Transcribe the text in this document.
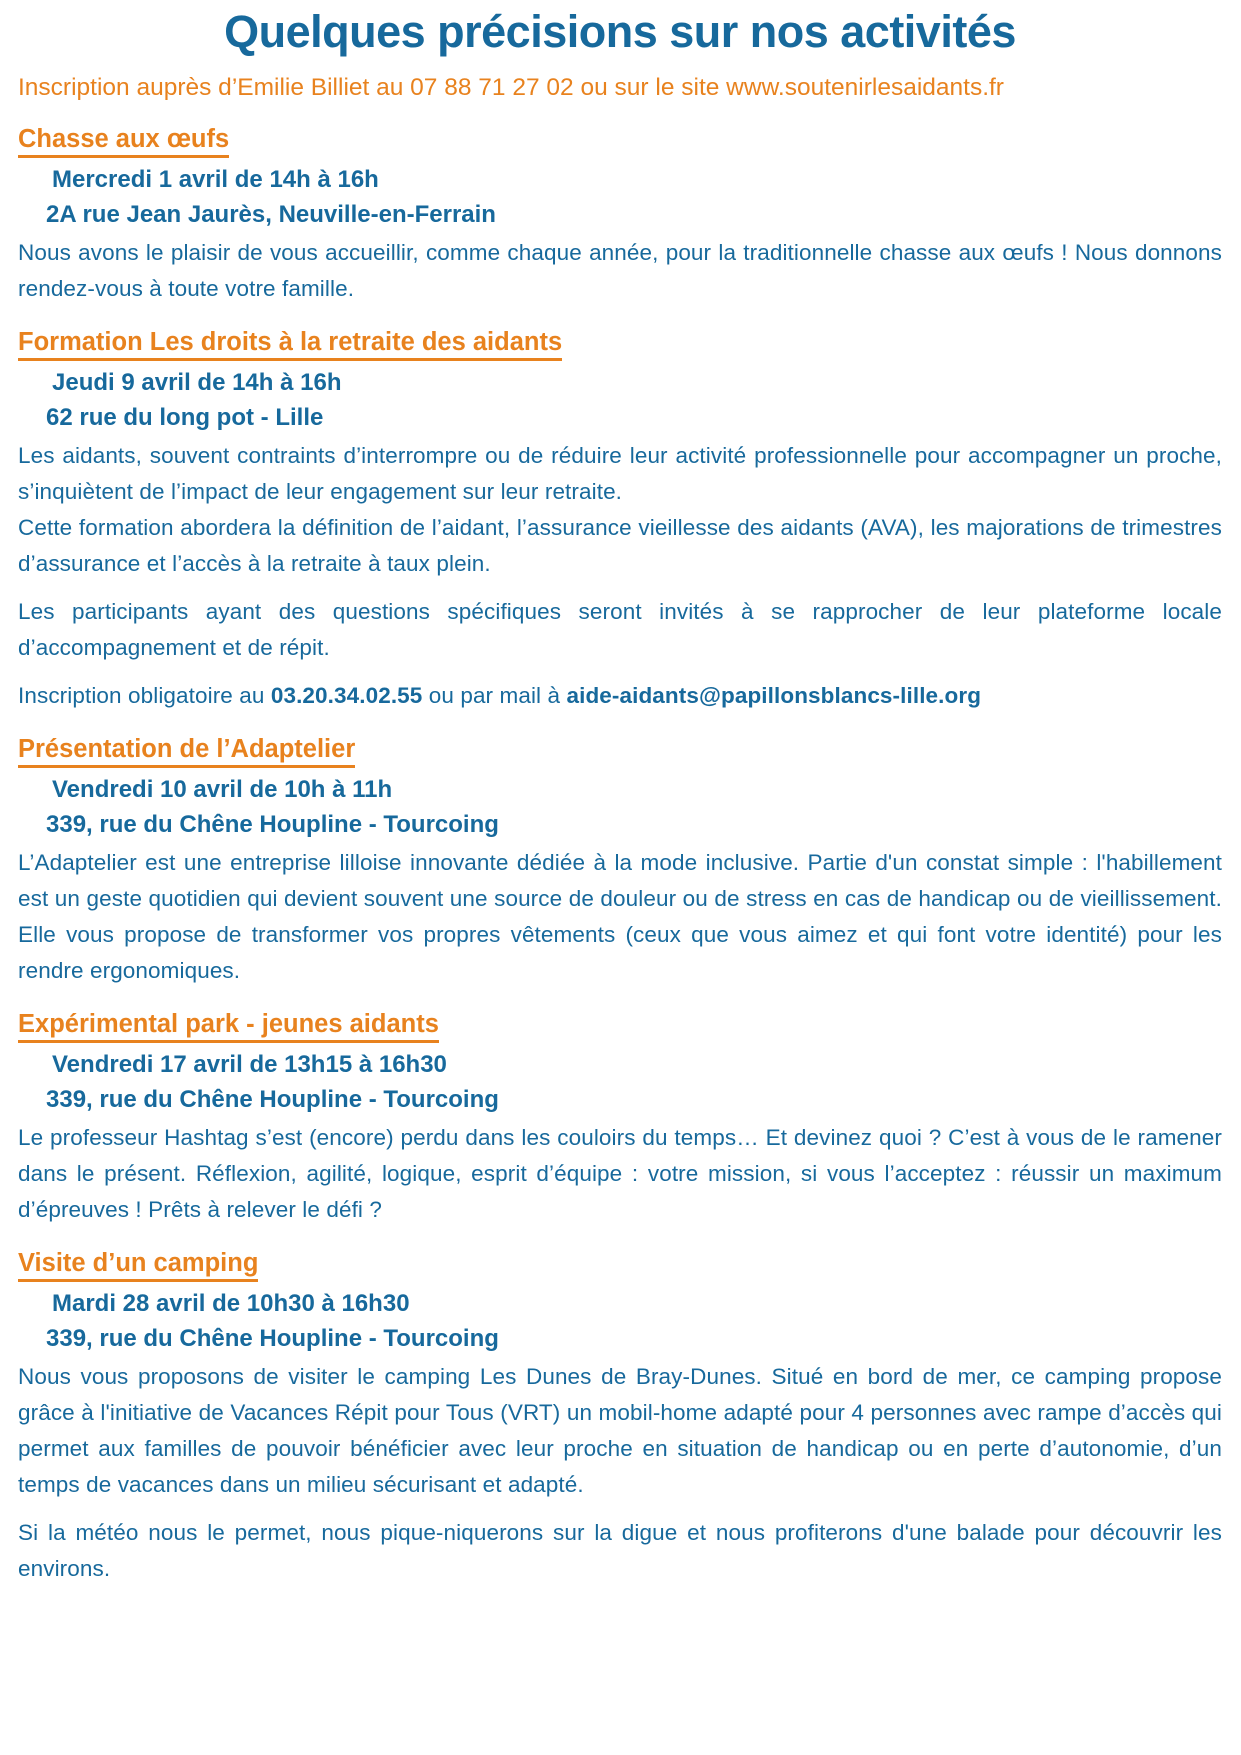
Quelques précisions sur nos activités

Inscription auprès d’Emilie Billiet au 07 88 71 27 02 ou sur le site www.soutenirlesaidants.fr

Chasse aux œufs

Mercredi 1 avril de 14h à 16h

2A rue Jean Jaurès, Neuville-en-Ferrain

Nous avons le plaisir de vous accueillir, comme chaque année, pour la traditionnelle chasse aux œufs ! Nous donnons rendez-vous à toute votre famille.

Formation Les droits à la retraite des aidants

Jeudi 9 avril de 14h à 16h

62 rue du long pot - Lille

Les aidants, souvent contraints d’interrompre ou de réduire leur activité professionnelle pour accompagner un proche, s’inquiètent de l’impact de leur engagement sur leur retraite.
Cette formation abordera la définition de l’aidant, l’assurance vieillesse des aidants (AVA), les majorations de trimestres d’assurance et l’accès à la retraite à taux plein.

Les participants ayant des questions spécifiques seront invités à se rapprocher de leur plateforme locale d’accompagnement et de répit.

Inscription obligatoire au 03.20.34.02.55 ou par mail à aide-aidants@papillonsblancs-lille.org

Présentation de l’Adaptelier

Vendredi 10 avril de 10h à 11h

339, rue du Chêne Houpline - Tourcoing

L’Adaptelier est une entreprise lilloise innovante dédiée à la mode inclusive. Partie d'un constat simple : l'habillement est un geste quotidien qui devient souvent une source de douleur ou de stress en cas de handicap ou de vieillissement. Elle vous propose de transformer vos propres vêtements (ceux que vous aimez et qui font votre identité) pour les rendre ergonomiques.

Expérimental park - jeunes aidants

Vendredi 17 avril de 13h15 à 16h30

339, rue du Chêne Houpline - Tourcoing

Le professeur Hashtag s’est (encore) perdu dans les couloirs du temps… Et devinez quoi ? C’est à vous de le ramener dans le présent. Réflexion, agilité, logique, esprit d’équipe : votre mission, si vous l’acceptez : réussir un maximum d’épreuves ! Prêts à relever le défi ?

Visite d’un camping

Mardi 28 avril de 10h30 à 16h30

339, rue du Chêne Houpline - Tourcoing

Nous vous proposons de visiter le camping Les Dunes de Bray-Dunes. Situé en bord de mer, ce camping propose grâce à l'initiative de Vacances Répit pour Tous (VRT) un mobil-home adapté pour 4 personnes avec rampe d’accès qui permet aux familles de pouvoir bénéficier avec leur proche en situation de handicap ou en perte d’autonomie, d’un temps de vacances dans un milieu sécurisant et adapté.

Si la météo nous le permet, nous pique-niquerons sur la digue et nous profiterons d'une balade pour découvrir les environs.
